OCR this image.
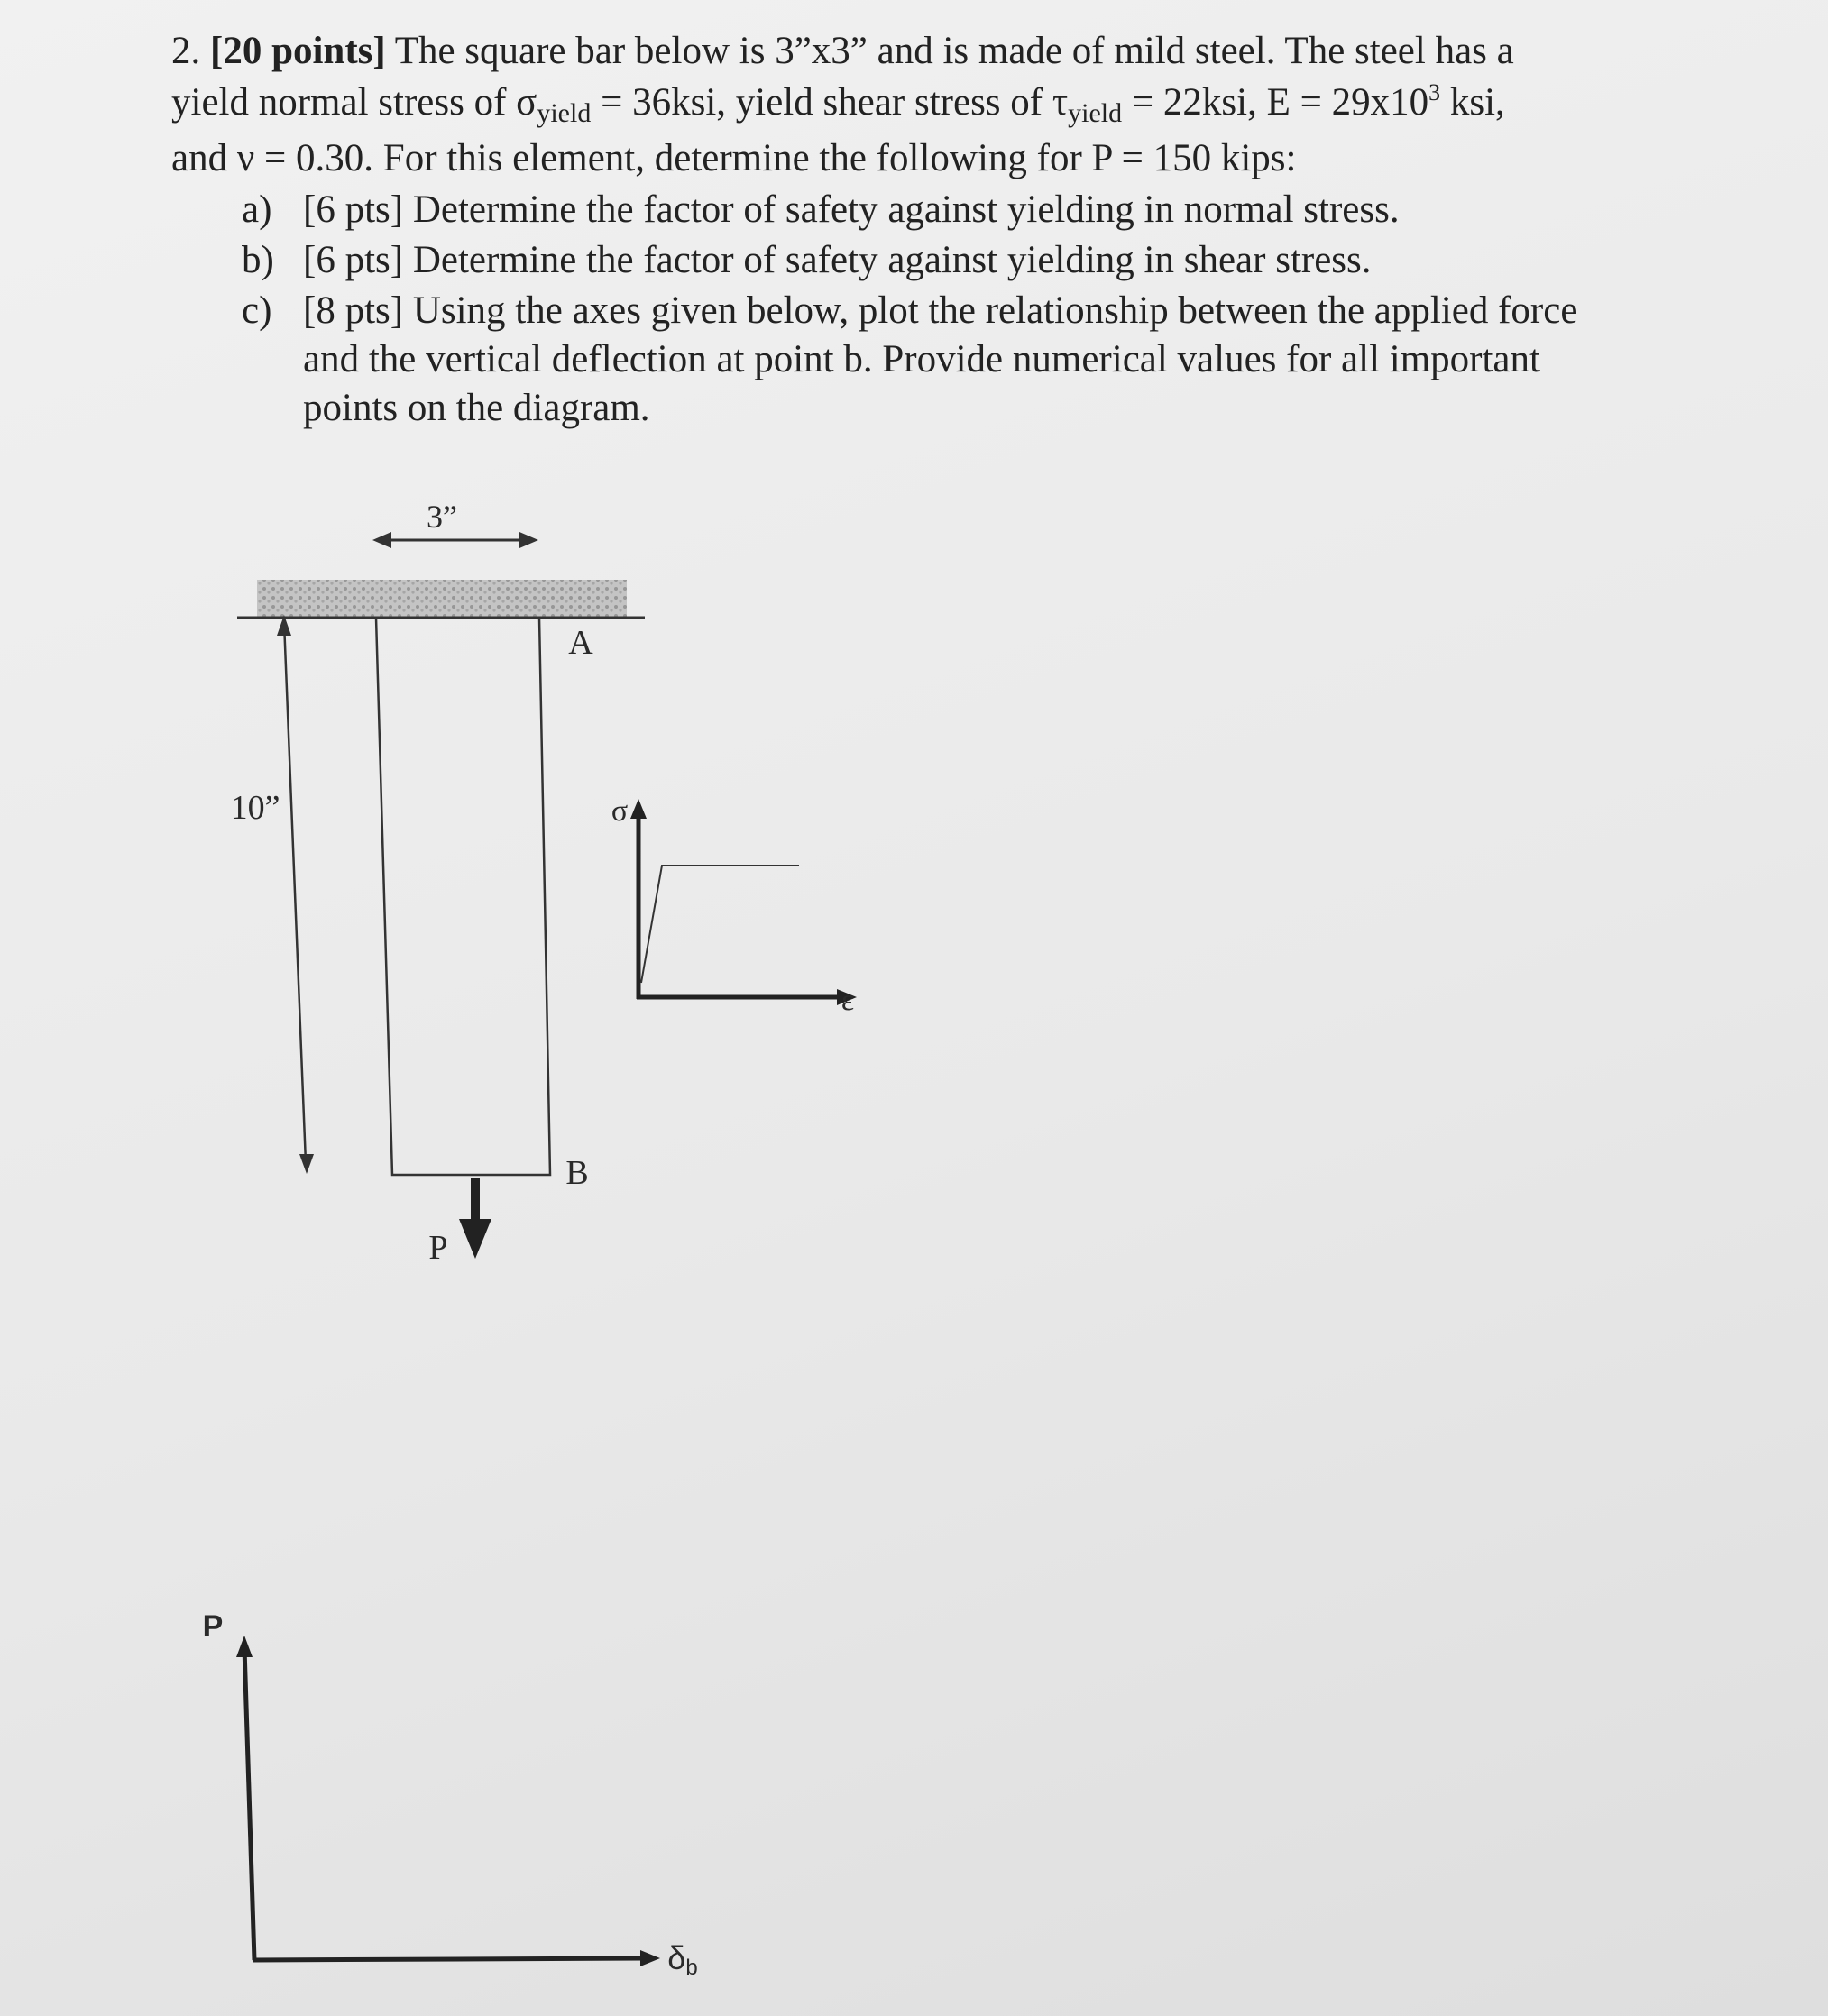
2. [20 points] The square bar below is 3”x3” and is made of mild steel. The steel has a
yield normal stress of σyield = 36ksi, yield shear stress of τyield = 22ksi, $E = 29x10^3$ ksi,
and ν = 0.30. For this element, determine the following for P = 150 kips:
a) [6 pts] Determine the factor of safety against yielding in normal stress.
b) [6 pts] Determine the factor of safety against yielding in shear stress.
c) [8 pts] Using the axes given below, plot the relationship between the applied force
and the vertical deflection at point b. Provide numerical values for all important
points on the diagram.
3”
A
B
10”
P
σ
ε
P
δb
